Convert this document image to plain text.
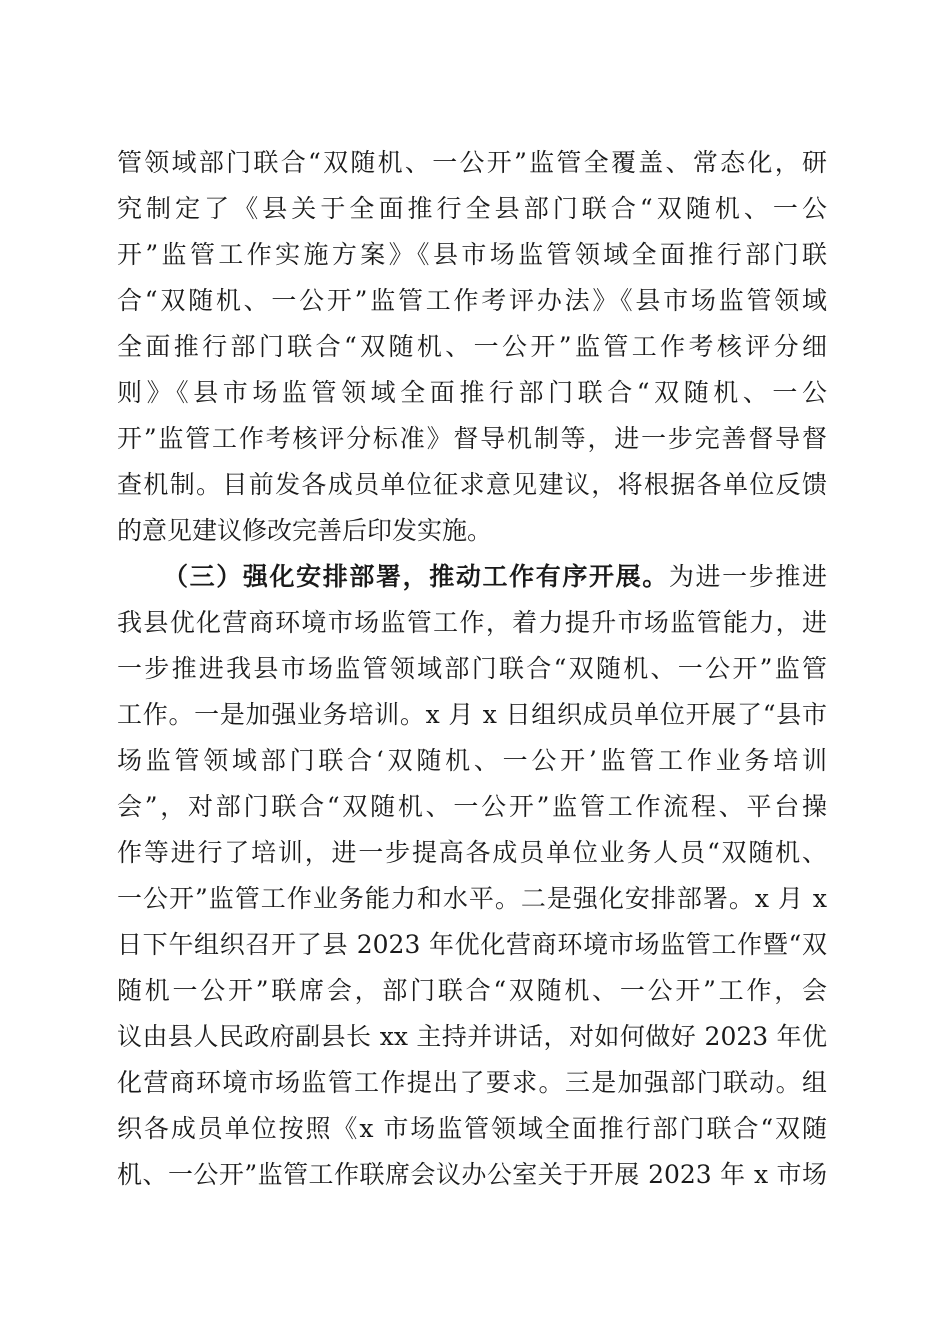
管领域部门联合“双随机、一公开”监管全覆盖、常态化，研
究制定了《县关于全面推行全县部门联合“双随机、一公
开”监管工作实施方案》《县市场监管领域全面推行部门联
合“双随机、一公开”监管工作考评办法》《县市场监管领域
全面推行部门联合“双随机、一公开”监管工作考核评分细
则》《县市场监管领域全面推行部门联合“双随机、一公
开”监管工作考核评分标准》督导机制等，进一步完善督导督
查机制。目前发各成员单位征求意见建议，将根据各单位反馈
的意见建议修改完善后印发实施。
（三）强化安排部署，推动工作有序开展。为进一步推进
我县优化营商环境市场监管工作，着力提升市场监管能力，进
一步推进我县市场监管领域部门联合“双随机、一公开”监管
工作。一是加强业务培训。x 月 x 日组织成员单位开展了“县市
场监管领域部门联合‘双随机、一公开’监管工作业务培训
会”，对部门联合“双随机、一公开”监管工作流程、平台操
作等进行了培训，进一步提高各成员单位业务人员“双随机、
一公开”监管工作业务能力和水平。二是强化安排部署。x 月 x
日下午组织召开了县 2023 年优化营商环境市场监管工作暨“双
随机一公开”联席会，部门联合“双随机、一公开”工作，会
议由县人民政府副县长 xx 主持并讲话，对如何做好 2023 年优
化营商环境市场监管工作提出了要求。三是加强部门联动。组
织各成员单位按照《x 市场监管领域全面推行部门联合“双随
机、一公开”监管工作联席会议办公室关于开展 2023 年 x 市场
